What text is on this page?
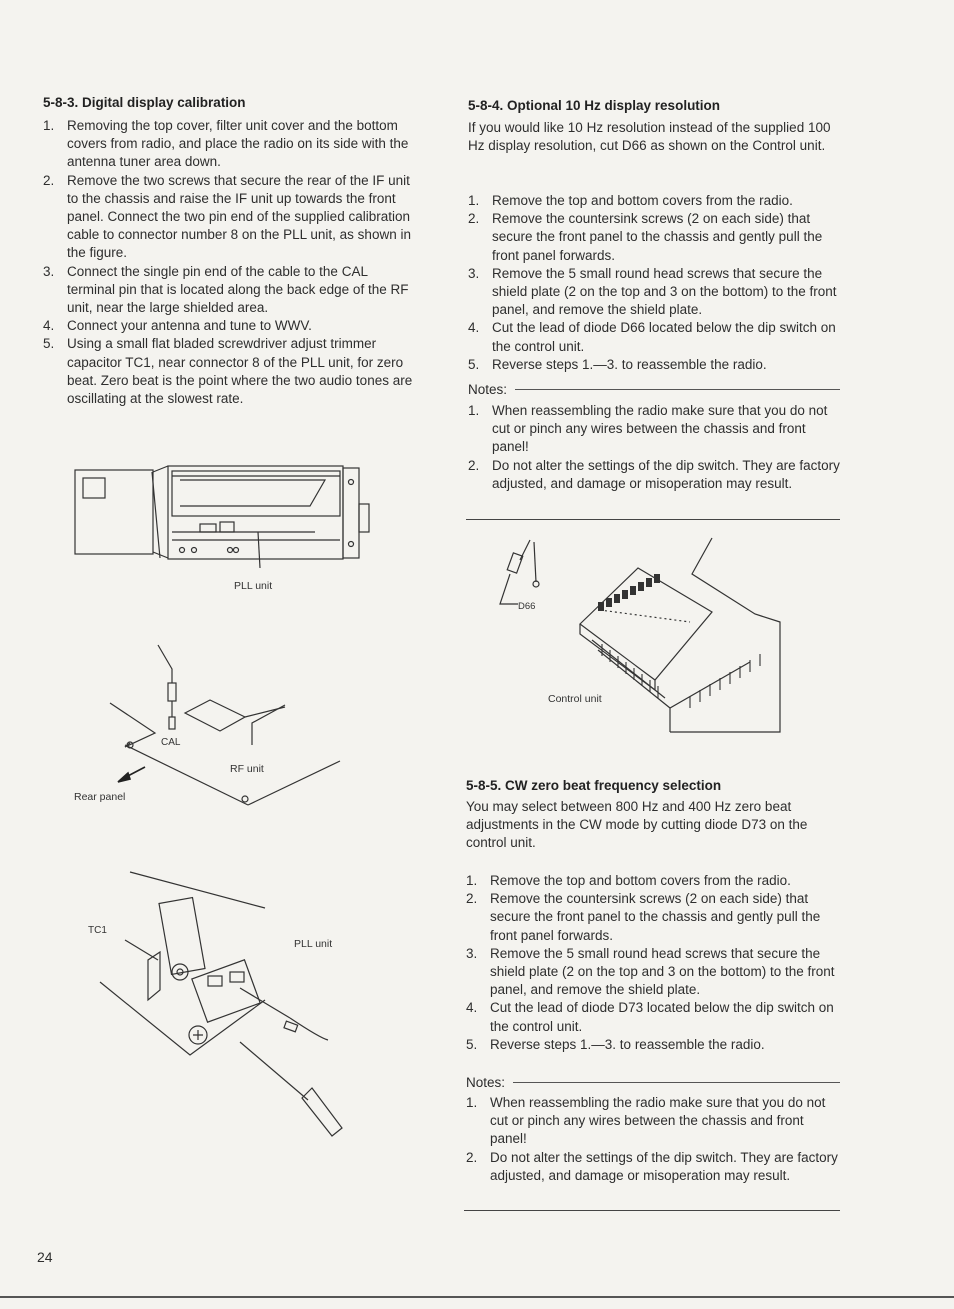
5-8-3. Digital display calibration
1. Removing the top cover, filter unit cover and the bottom covers from radio, and place the radio on its side with the antenna tuner area down.
2. Remove the two screws that secure the rear of the IF unit to the chassis and raise the IF unit up towards the front panel. Connect the two pin end of the supplied calibration cable to connector number 8 on the PLL unit, as shown in the figure.
3. Connect the single pin end of the cable to the CAL terminal pin that is located along the back edge of the RF unit, near the large shielded area.
4. Connect your antenna and tune to WWV.
5. Using a small flat bladed screwdriver adjust trimmer capacitor TC1, near connector 8 of the PLL unit, for zero beat. Zero beat is the point where the two audio tones are oscillating at the slowest rate.
PLL unit
CAL
RF unit
Rear panel
TC1
PLL unit
24
5-8-4. Optional 10 Hz display resolution
If you would like 10 Hz resolution instead of the supplied 100 Hz display resolution, cut D66 as shown on the Control unit.
1. Remove the top and bottom covers from the radio.
2. Remove the countersink screws (2 on each side) that secure the front panel to the chassis and gently pull the front panel forwards.
3. Remove the 5 small round head screws that secure the shield plate (2 on the top and 3 on the bottom) to the front panel, and remove the shield plate.
4. Cut the lead of diode D66 located below the dip switch on the control unit.
5. Reverse steps 1.—3. to reassemble the radio.
Notes:
1. When reassembling the radio make sure that you do not cut or pinch any wires between the chassis and front panel!
2. Do not alter the settings of the dip switch. They are factory adjusted, and damage or misoperation may result.
D66
Control unit
5-8-5. CW zero beat frequency selection
You may select between 800 Hz and 400 Hz zero beat adjustments in the CW mode by cutting diode D73 on the control unit.
1. Remove the top and bottom covers from the radio.
2. Remove the countersink screws (2 on each side) that secure the front panel to the chassis and gently pull the front panel forwards.
3. Remove the 5 small round head screws that secure the shield plate (2 on the top and 3 on the bottom) to the front panel, and remove the shield plate.
4. Cut the lead of diode D73 located below the dip switch on the control unit.
5. Reverse steps 1.—3. to reassemble the radio.
Notes:
1. When reassembling the radio make sure that you do not cut or pinch any wires between the chassis and front panel!
2. Do not alter the settings of the dip switch. They are factory adjusted, and damage or misoperation may result.
